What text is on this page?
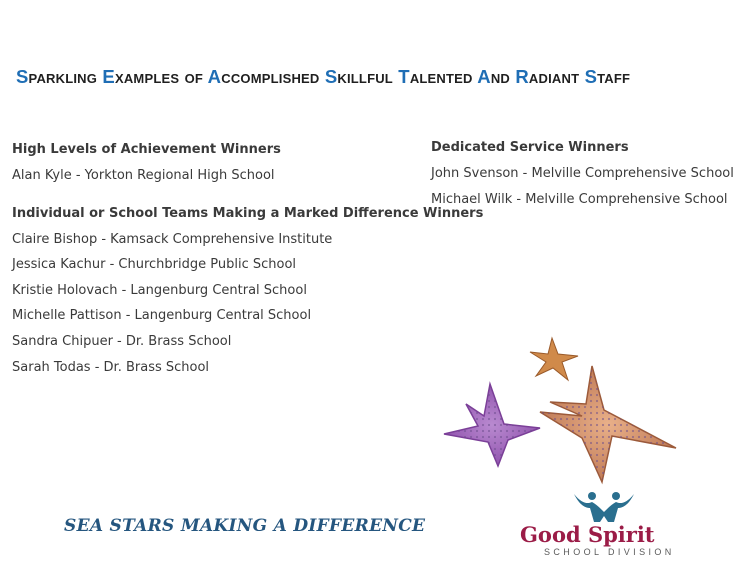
Sparkling Examples of Accomplished Skillful Talented And Radiant Staff
High Levels of Achievement Winners
Alan Kyle - Yorkton Regional High School
Individual or School Teams Making a Marked Difference Winners
Claire Bishop - Kamsack Comprehensive Institute
Jessica Kachur - Churchbridge Public School
Kristie Holovach - Langenburg Central School
Michelle Pattison - Langenburg Central School
Sandra Chipuer - Dr. Brass School
Sarah Todas - Dr. Brass School
Dedicated Service Winners
John Svenson - Melville Comprehensive School
Michael Wilk - Melville Comprehensive School
Good Spirit
SCHOOL DIVISION
SEA STARS MAKING A DIFFERENCE
